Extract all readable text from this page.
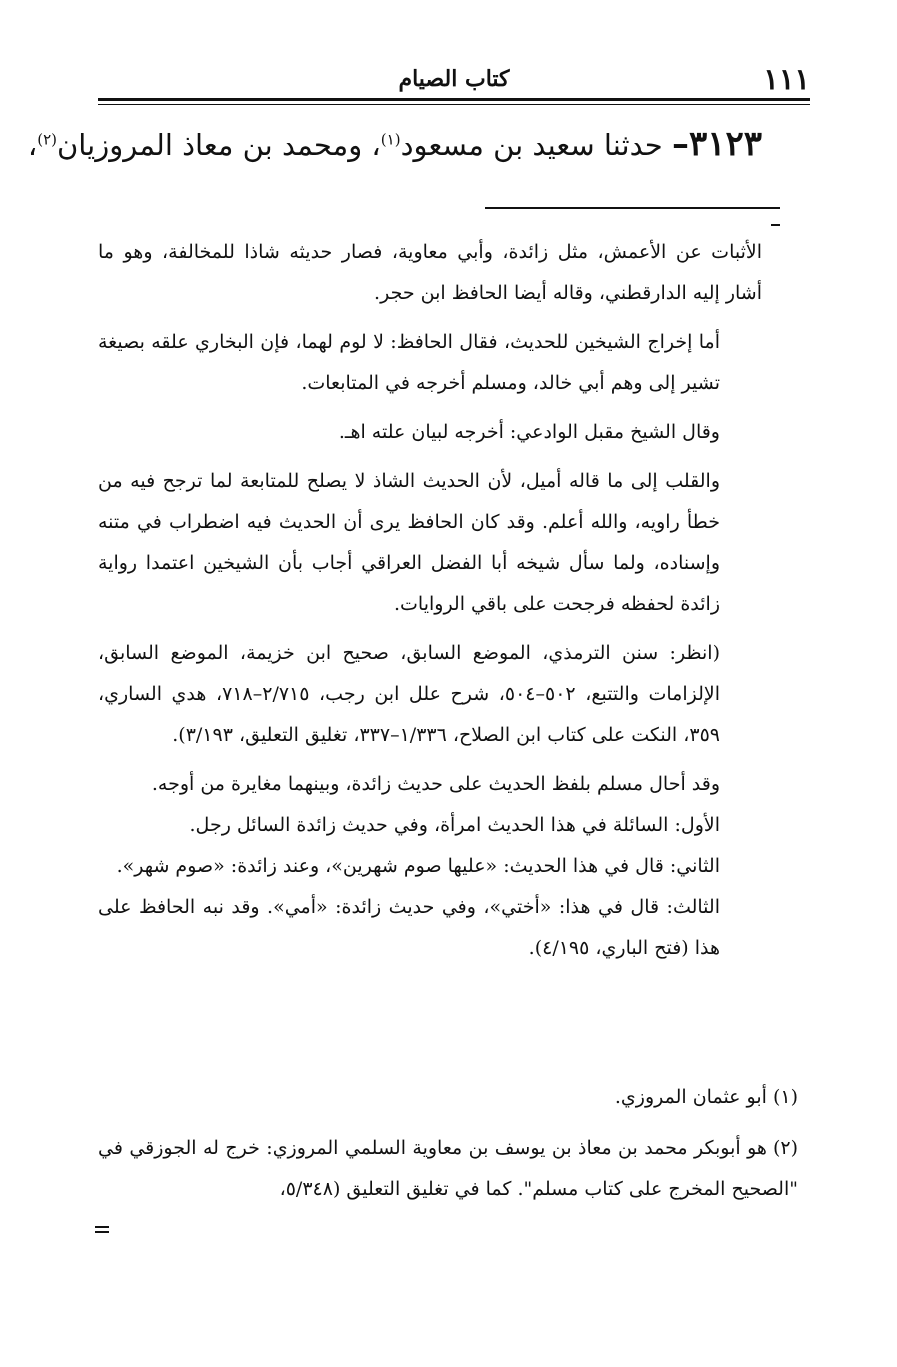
١١١
كتاب الصيام
٣١٢٣– حدثنا سعيد بن مسعود$^{(١)}$، ومحمد بن معاذ المروزيان$^{(٢)}$،

الأثبات عن الأعمش، مثل زائدة، وأبي معاوية، فصار حديثه شاذا للمخالفة، وهو ما أشار إليه الدارقطني، وقاله أيضا الحافظ ابن حجر.

أما إخراج الشيخين للحديث، فقال الحافظ: لا لوم لهما، فإن البخاري علقه بصيغة تشير إلى وهم أبي خالد، ومسلم أخرجه في المتابعات.

وقال الشيخ مقبل الوادعي: أخرجه لبيان علته اهـ.

والقلب إلى ما قاله أميل، لأن الحديث الشاذ لا يصلح للمتابعة لما ترجح فيه من خطأ راويه، والله أعلم. وقد كان الحافظ يرى أن الحديث فيه اضطراب في متنه وإسناده، ولما سأل شيخه أبا الفضل العراقي أجاب بأن الشيخين اعتمدا رواية زائدة لحفظه فرجحت على باقي الروايات.

(انظر: سنن الترمذي، الموضع السابق، صحيح ابن خزيمة، الموضع السابق، الإلزامات والتتبع، ٥٠٢–٥٠٤، شرح علل ابن رجب، ٢/٧١٥–٧١٨، هدي الساري، ٣٥٩، النكت على كتاب ابن الصلاح، ١/٣٣٦–٣٣٧، تغليق التعليق، ٣/١٩٣).

وقد أحال مسلم بلفظ الحديث على حديث زائدة، وبينهما مغايرة من أوجه.

الأول: السائلة في هذا الحديث امرأة، وفي حديث زائدة السائل رجل.

الثاني: قال في هذا الحديث: «عليها صوم شهرين»، وعند زائدة: «صوم شهر».

الثالث: قال في هذا: «أختي»، وفي حديث زائدة: «أمي». وقد نبه الحافظ على هذا (فتح الباري، ٤/١٩٥).

(١)أبو عثمان المروزي.

(٢)هو أبوبكر محمد بن معاذ بن يوسف بن معاوية السلمي المروزي: خرج له الجوزقي في "الصحيح المخرج على كتاب مسلم". كما في تغليق التعليق (٥/٣٤٨،
